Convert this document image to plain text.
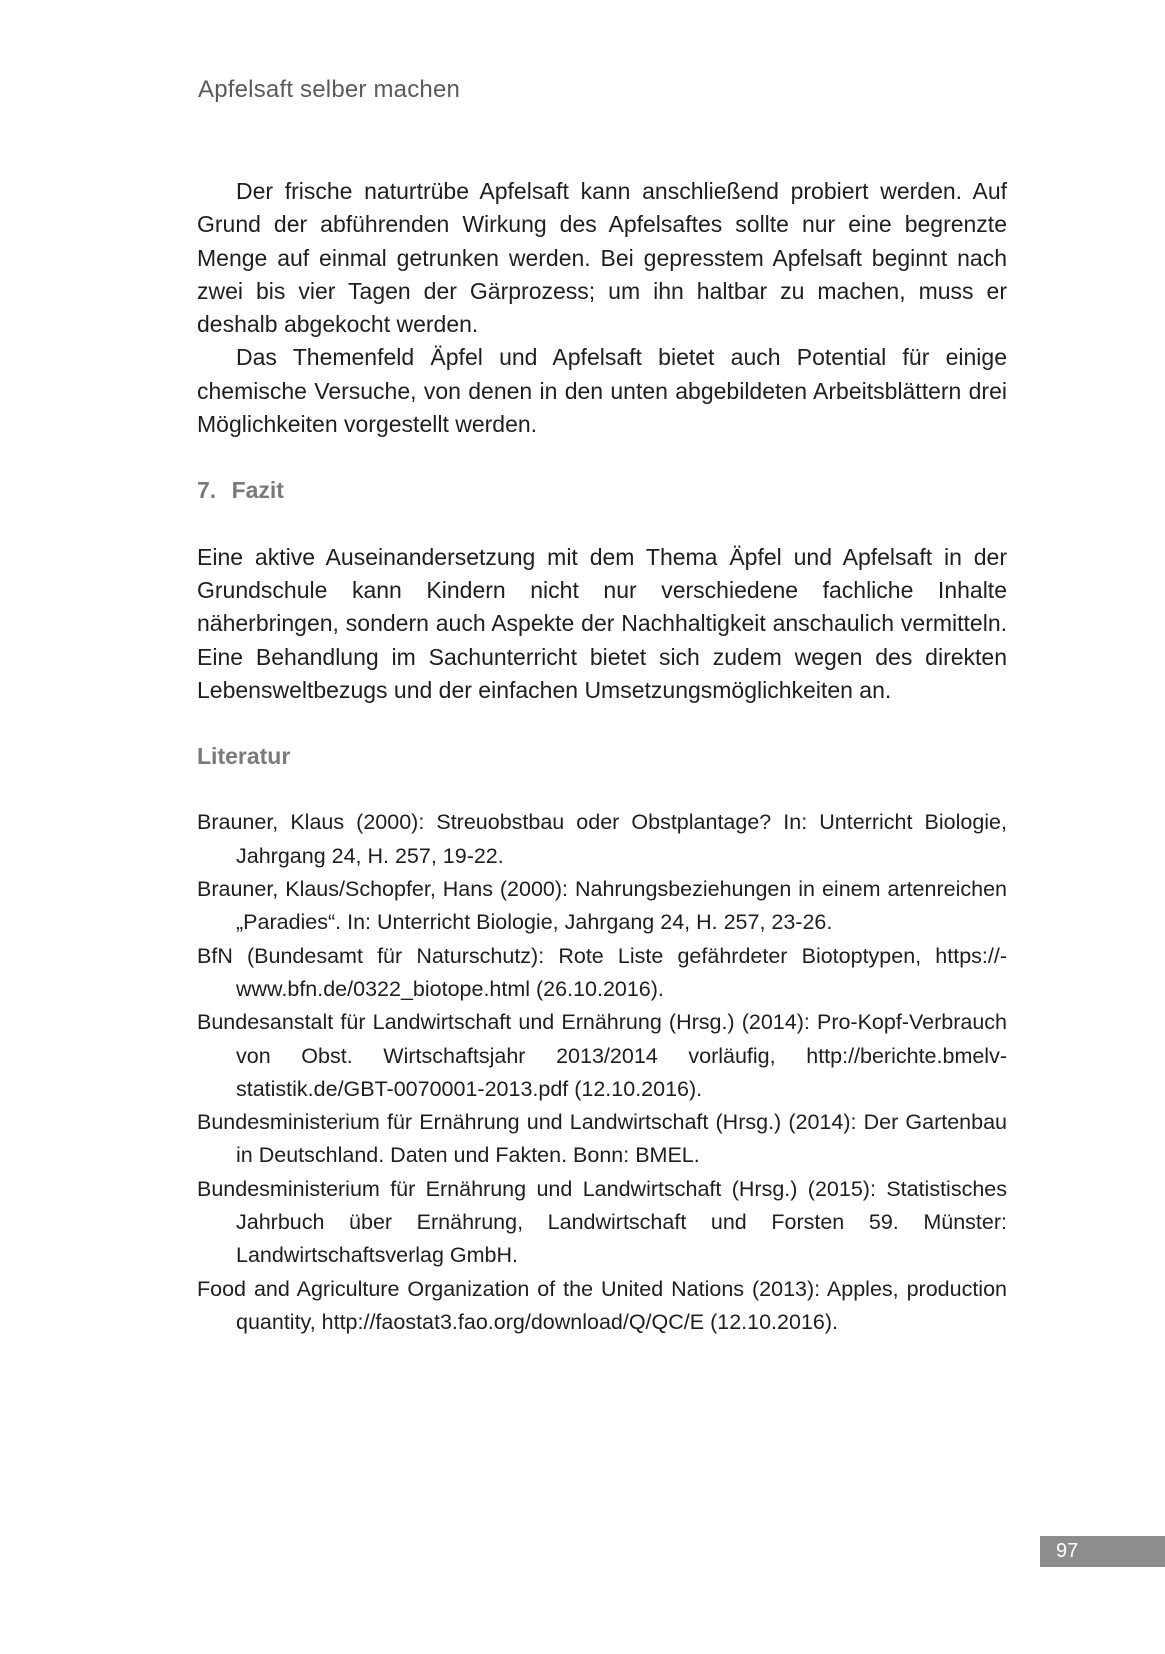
Apfelsaft selber machen

Der frische naturtrübe Apfelsaft kann anschließend probiert werden. Auf Grund der abführenden Wirkung des Apfelsaftes sollte nur eine begrenzte Menge auf einmal getrunken werden. Bei gepresstem Apfelsaft beginnt nach zwei bis vier Tagen der Gärprozess; um ihn haltbar zu machen, muss er deshalb abgekocht werden.

Das Themenfeld Äpfel und Apfelsaft bietet auch Potential für einige chemische Versuche, von denen in den unten abgebildeten Arbeitsblättern drei Möglichkeiten vorgestellt werden.

7. Fazit

Eine aktive Auseinandersetzung mit dem Thema Äpfel und Apfelsaft in der Grundschule kann Kindern nicht nur verschiedene fachliche Inhalte näherbringen, sondern auch Aspekte der Nachhaltigkeit anschaulich vermitteln. Eine Behandlung im Sachunterricht bietet sich zudem wegen des direkten Lebensweltbezugs und der einfachen Umsetzungsmöglichkeiten an.

Literatur
Brauner, Klaus (2000): Streuobstbau oder Obstplantage? In: Unterricht Biologie, Jahrgang 24, H. 257, 19-22.
Brauner, Klaus/Schopfer, Hans (2000): Nahrungsbeziehungen in einem artenreichen „Paradies“. In: Unterricht Biologie, Jahrgang 24, H. 257, 23-26.
BfN (Bundesamt für Naturschutz): Rote Liste gefährdeter Biotoptypen, https://www.bfn.de/0322_biotope.html (26.10.2016).
Bundesanstalt für Landwirtschaft und Ernährung (Hrsg.) (2014): Pro-Kopf-Verbrauch von Obst. Wirtschaftsjahr 2013/2014 vorläufig, http://berichte.bmelv-statistik.de/GBT-0070001-2013.pdf (12.10.2016).
Bundesministerium für Ernährung und Landwirtschaft (Hrsg.) (2014): Der Gartenbau in Deutschland. Daten und Fakten. Bonn: BMEL.
Bundesministerium für Ernährung und Landwirtschaft (Hrsg.) (2015): Statistisches Jahrbuch über Ernährung, Landwirtschaft und Forsten 59. Münster: Landwirtschaftsverlag GmbH.
Food and Agriculture Organization of the United Nations (2013): Apples, production quantity, http://faostat3.fao.org/download/Q/QC/E (12.10.2016).
97
